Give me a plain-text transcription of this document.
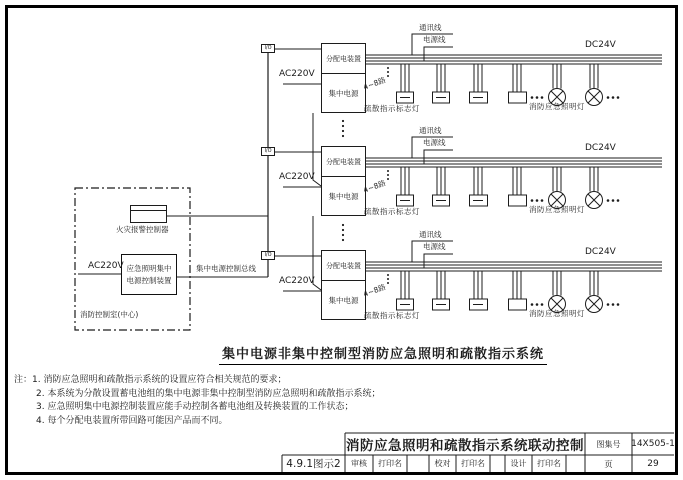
I/O
通讯线
电源线
DC24V
AC220V
分配电装置
集中电源
4~8路
疏散指示标志灯	消防应急照明灯
I/O
通讯线
电源线
DC24V
AC220V
分配电装置
集中电源
4~8路
疏散指示标志灯	消防应急照明灯
I/O
通讯线
电源线
DC24V
AC220V
分配电装置
集中电源
4~8路
疏散指示标志灯	消防应急照明灯
火灾报警控制器
应急照明集中
电源控制装置
AC220V	集中电源控制总线
消防控制室(中心)
集中电源非集中控制型消防应急照明和疏散指示系统
注：1. 消防应急照明和疏散指示系统的设置应符合相关规范的要求；
2. 本系统为分散设置蓄电池组的集中电源非集中控制型消防应急照明和疏散指示系统；
3. 应急照明集中电源控制装置应能手动控制各蓄电池组及转换装置的工作状态；
4. 每个分配电装置所带回路可能因产品而不同。
消防应急照明和疏散指示系统联动控制	图集号	14X505-1
4.9.1图示2	审核	打印名	校对	打印名	设计	打印名	页	29
